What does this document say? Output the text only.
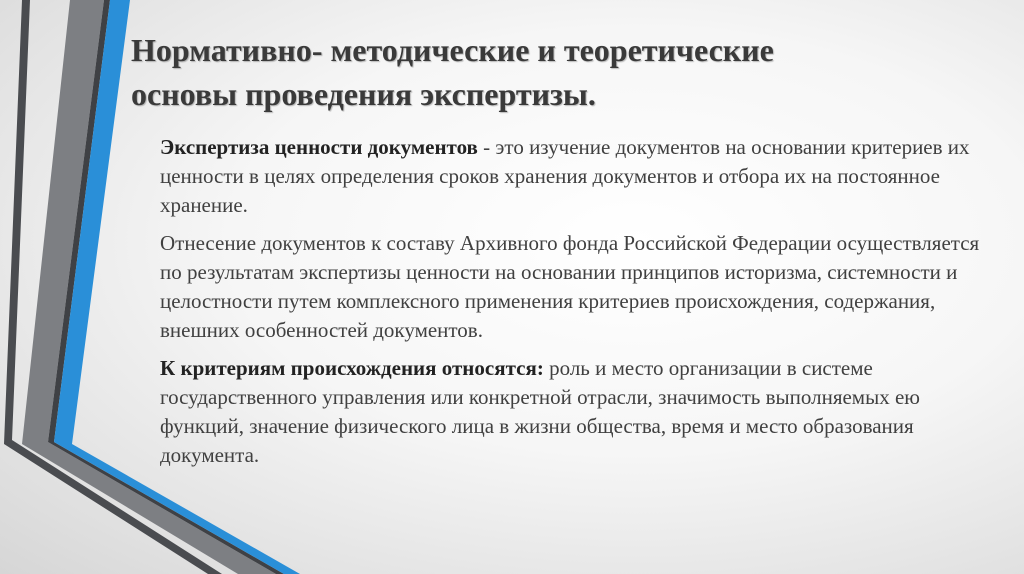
Нормативно- методические и теоретические
основы проведения экспертизы.

Экспертиза ценности документов - это изучение документов на основании критериев их ценности в целях определения сроков хранения документов и отбора их на постоянное хранение.

Отнесение документов к составу Архивного фонда Российской Федерации осуществляется по результатам экспертизы ценности на основании принципов историзма, системности и целостности путем комплексного применения критериев происхождения, содержания, внешних особенностей документов.

К критериям происхождения относятся: роль и место организации в системе государственного управления или конкретной отрасли, значимость выполняемых ею функций, значение физического лица в жизни общества, время и место образования документа.
